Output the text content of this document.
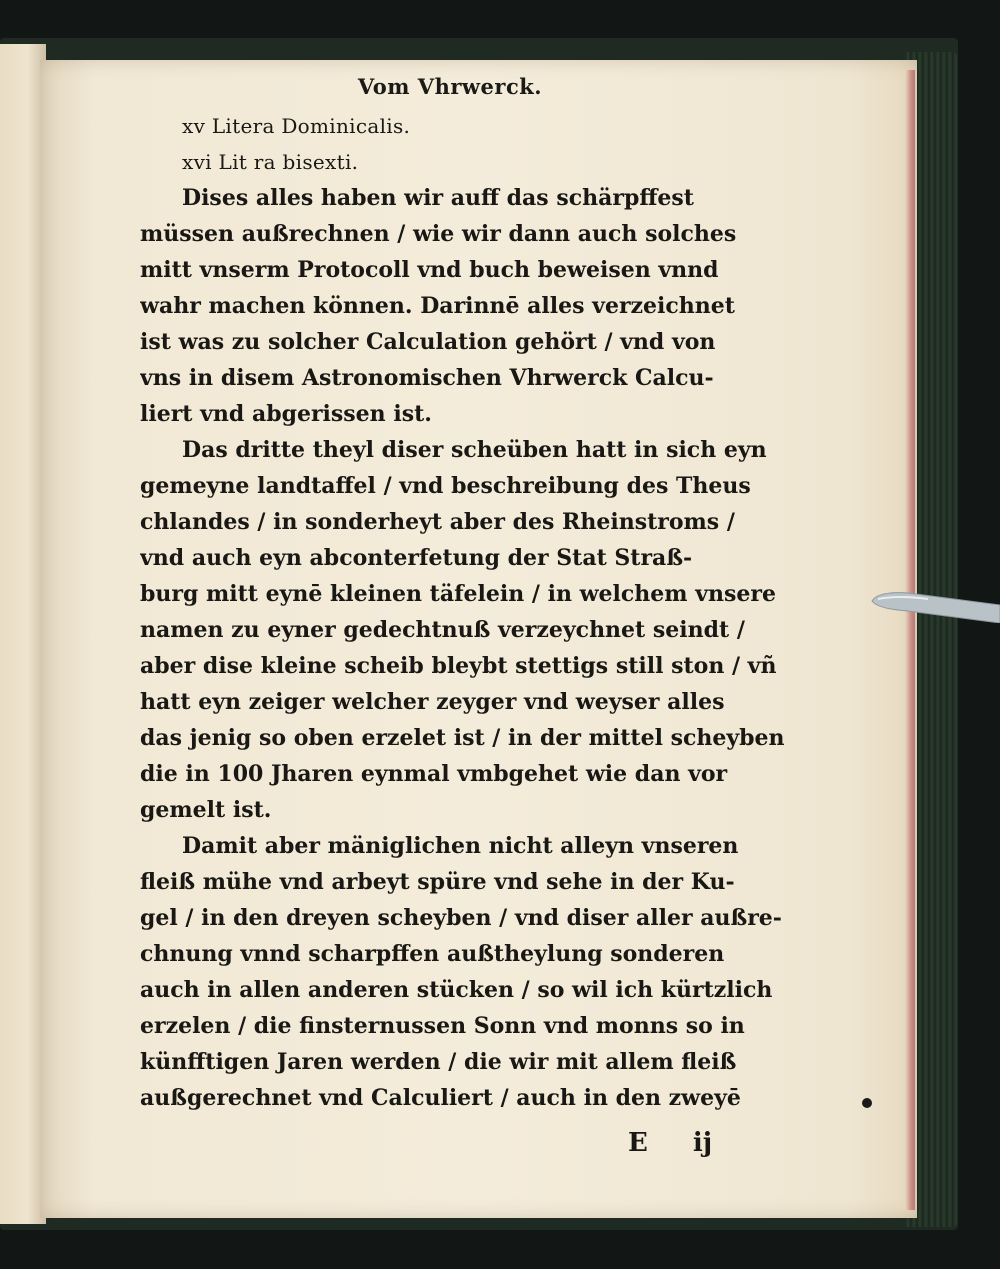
Vom Vhrwerck.
xv Litera Dominicalis.
xvi Lit ra bisexti.
Dises alles haben wir auff das schärpffest
müssen außrechnen / wie wir dann auch solches
mitt vnserm Protocoll vnd buch beweisen vnnd
wahr machen können. Darinnē alles verzeichnet
ist was zu solcher Calculation gehört / vnd von
vns in disem Astronomischen Vhrwerck Calcu-
liert vnd abgerissen ist.
Das dritte theyl diser scheüben hatt in sich eyn
gemeyne landtaffel / vnd beschreibung des Theus
chlandes / in sonderheyt aber des Rheinstroms /
vnd auch eyn abconterfetung der Stat Straß-
burg mitt eynē kleinen täfelein / in welchem vnsere
namen zu eyner gedechtnuß verzeychnet seindt /
aber dise kleine scheib bleybt stettigs still ston / vñ
hatt eyn zeiger welcher zeyger vnd weyser alles
das jenig so oben erzelet ist / in der mittel scheyben
die in 100 Jharen eynmal vmbgehet wie dan vor
gemelt ist.
Damit aber mäniglichen nicht alleyn vnseren
fleiß mühe vnd arbeyt spüre vnd sehe in der Ku-
gel / in den dreyen scheyben / vnd diser aller außre-
chnung vnnd scharpffen außtheylung sonderen
auch in allen anderen stücken / so wil ich kürtzlich
erzelen / die finsternussen Sonn vnd monns so in
künfftigen Jaren werden / die wir mit allem fleiß
außgerechnet vnd Calculiert / auch in den zweyē
E ij
